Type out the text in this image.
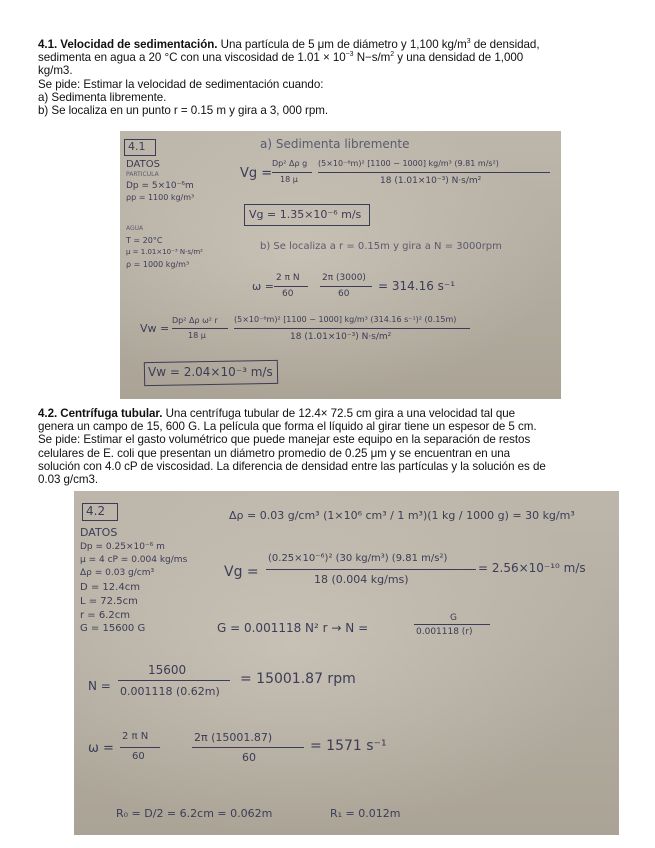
4.1. Velocidad de sedimentación. Una partícula de 5 μm de diámetro y 1,100 $kg/m^3$ de densidad,
sedimenta en agua a 20 °C con una viscosidad de $1.01 \times 10^{-3}$ $N-s/m^2$ y una densidad de 1,000
kg/m3.
Se pide: Estimar la velocidad de sedimentación cuando:
a) Sedimenta libremente.
b) Se localiza en un punto r = 0.15 m y gira a 3, 000 rpm.
4.1
DATOS
PARTICULA
Dp = 5×10⁻⁶m
ρp = 1100 kg/m³
AGUA
T = 20°C
μ = 1.01×10⁻³ N·s/m²
ρ = 1000 kg/m³
a) Sedimenta libremente
Vg =
Dp² Δρ g
18 μ
(5×10⁻⁶m)² [1100 − 1000] kg/m³ (9.81 m/s²)
18 (1.01×10⁻³) N·s/m²
Vg = 1.35×10⁻⁶ m/s
b) Se localiza a r = 0.15m y gira a N = 3000rpm
ω =
2 π N
60
2π (3000)
60
= 314.16 s⁻¹
Vw =
Dp² Δρ ω² r
18 μ
(5×10⁻⁶m)² [1100 − 1000] kg/m³ (314.16 s⁻¹)² (0.15m)
18 (1.01×10⁻³) N·s/m²
Vw = 2.04×10⁻³ m/s
4.2. Centrífuga tubular. Una centrífuga tubular de 12.4× 72.5 cm gira a una velocidad tal que
genera un campo de 15, 600 G. La película que forma el líquido al girar tiene un espesor de 5 cm.
Se pide: Estimar el gasto volumétrico que puede manejar este equipo en la separación de restos
celulares de E. coli que presentan un diámetro promedio de 0.25 μm y se encuentran en una
solución con 4.0 cP de viscosidad. La diferencia de densidad entre las partículas y la solución es de
0.03 g/cm3.
4.2
DATOS
Dp = 0.25×10⁻⁶ m
μ = 4 cP = 0.004 kg/ms
Δρ = 0.03 g/cm³
D = 12.4cm
L = 72.5cm
r = 6.2cm
G = 15600 G
Δρ = 0.03 g/cm³ (1×10⁶ cm³ / 1 m³)(1 kg / 1000 g) = 30 kg/m³
Vg =
(0.25×10⁻⁶)² (30 kg/m³) (9.81 m/s²)
18 (0.004 kg/ms)
= 2.56×10⁻¹⁰ m/s
G = 0.001118 N² r → N =
G
0.001118 (r)
N =
15600
0.001118 (0.62m)
= 15001.87 rpm
ω =
2 π N
60
2π (15001.87)
60
= 1571 s⁻¹
R₀ = D/2 = 6.2cm = 0.062m	R₁ = 0.012m
